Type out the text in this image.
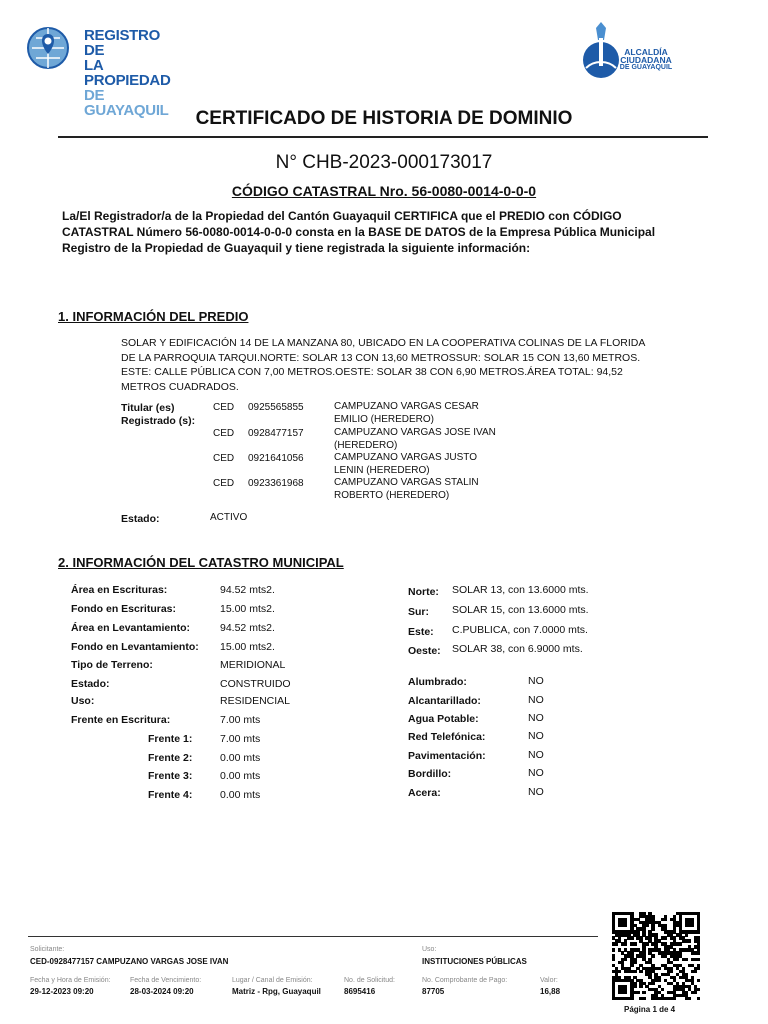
REGISTRO DE
LA PROPIEDAD
DE GUAYAQUIL
ALCALDÍA
CIUDADANA
DE GUAYAQUIL
CERTIFICADO DE HISTORIA DE DOMINIO
N° CHB-2023-000173017
CÓDIGO CATASTRAL Nro. 56-0080-0014-0-0-0
La/El Registrador/a de la Propiedad del Cantón Guayaquil CERTIFICA que el PREDIO con CÓDIGO
CATASTRAL Número 56-0080-0014-0-0-0 consta en la BASE DE DATOS de la Empresa Pública Municipal
Registro de la Propiedad de Guayaquil y tiene registrada la siguiente información:
1. INFORMACIÓN DEL PREDIO
SOLAR Y EDIFICACIÓN 14 DE LA MANZANA 80, UBICADO EN LA COOPERATIVA COLINAS DE LA FLORIDA
DE LA PARROQUIA TARQUI.NORTE: SOLAR 13 CON 13,60 METROSSUR: SOLAR 15 CON 13,60 METROS.
ESTE: CALLE PÚBLICA CON 7,00 METROS.OESTE: SOLAR 38 CON 6,90 METROS.ÁREA TOTAL: 94,52
METROS CUADRADOS.
Titular (es)
Registrado (s):
CED 0925565855	CAMPUZANO VARGAS CESAR
EMILIO (HEREDERO)
CED 0928477157	CAMPUZANO VARGAS JOSE IVAN
(HEREDERO)
CED 0921641056	CAMPUZANO VARGAS JUSTO
LENIN (HEREDERO)
CED 0923361968	CAMPUZANO VARGAS STALIN
ROBERTO (HEREDERO)
Estado:	ACTIVO
2. INFORMACIÓN DEL CATASTRO MUNICIPAL
Área en Escrituras:	94.52 mts2.
Fondo en Escrituras:	15.00 mts2.
Área en Levantamiento:	94.52 mts2.
Fondo en Levantamiento: 15.00 mts2.
Tipo de Terreno:	MERIDIONAL
Estado:	CONSTRUIDO
Uso:	RESIDENCIAL
Frente en Escritura:	7.00 mts
Frente 1:	7.00 mts
Frente 2:	0.00 mts
Frente 3:	0.00 mts
Frente 4:	0.00 mts
Norte: SOLAR 13, con 13.6000 mts.
Sur: SOLAR 15, con 13.6000 mts.
Este: C.PUBLICA, con 7.0000 mts.
Oeste: SOLAR 38, con 6.9000 mts.
Alumbrado:	NO
Alcantarillado:	NO
Agua Potable:	NO
Red Telefónica:	NO
Pavimentación:	NO
Bordillo:	NO
Acera:	NO
Solicitante:
CED-0928477157 CAMPUZANO VARGAS JOSE IVAN
Uso:
INSTITUCIONES PÚBLICAS
Fecha y Hora de Emisión:
29-12-2023 09:20
Fecha de Vencimiento:
28-03-2024 09:20
Lugar / Canal de Emisión:
Matriz - Rpg, Guayaquil
No. de Solicitud:
8695416
No. Comprobante de Pago:
87705
Valor:
16,88
Página 1 de 4
